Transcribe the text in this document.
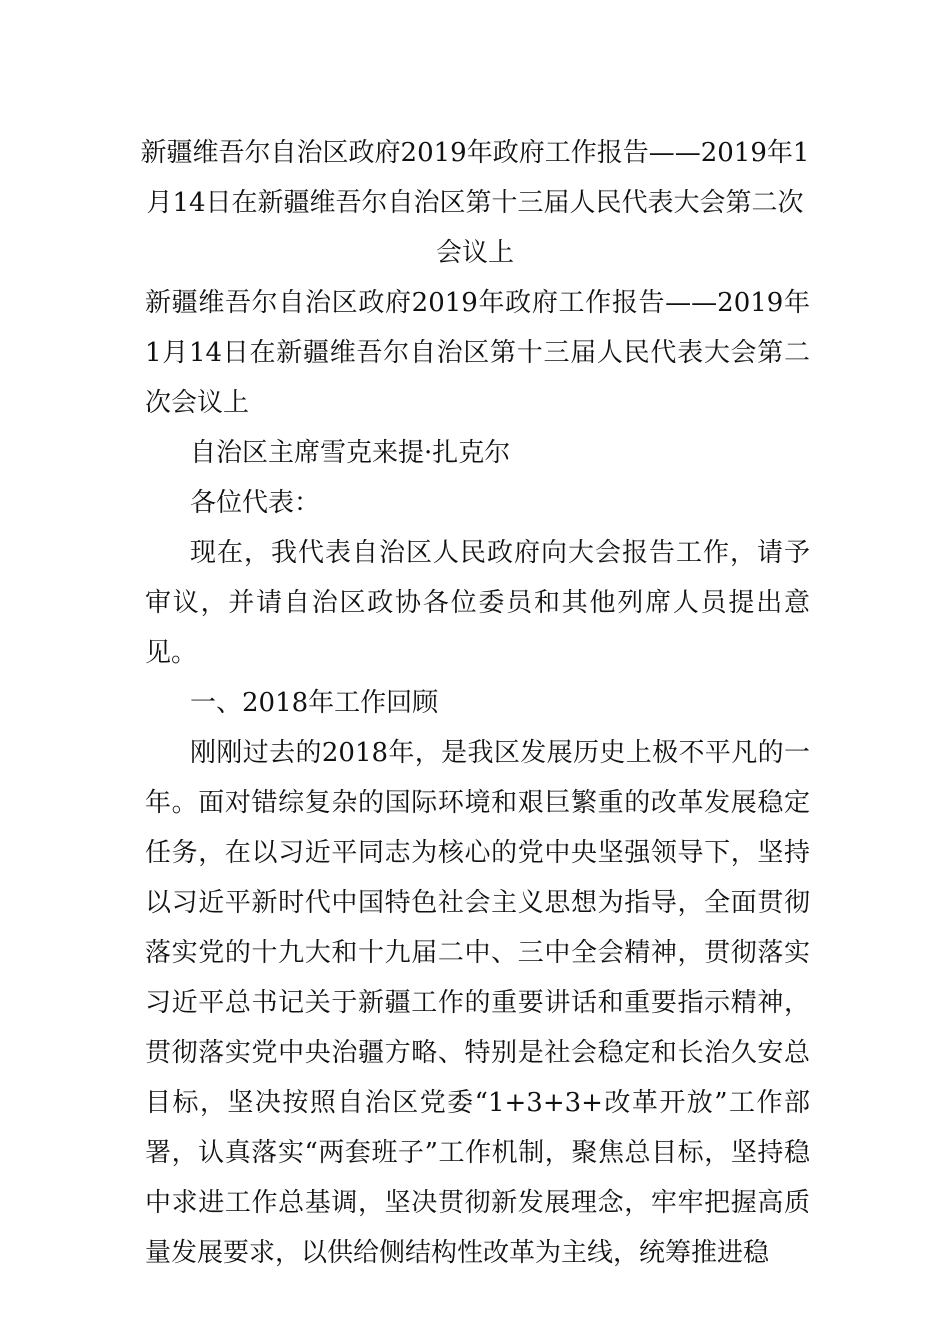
新疆维吾尔自治区政府2019年政府工作报告——2019年1月14日在新疆维吾尔自治区第十三届人民代表大会第二次会议上

新疆维吾尔自治区政府2019年政府工作报告——2019年1月14日在新疆维吾尔自治区第十三届人民代表大会第二次会议上

自治区主席雪克来提·扎克尔

各位代表：

现在，我代表自治区人民政府向大会报告工作，请予审议，并请自治区政协各位委员和其他列席人员提出意见。

一、2018年工作回顾

刚刚过去的2018年，是我区发展历史上极不平凡的一年。面对错综复杂的国际环境和艰巨繁重的改革发展稳定任务，在以习近平同志为核心的党中央坚强领导下，坚持以习近平新时代中国特色社会主义思想为指导，全面贯彻落实党的十九大和十九届二中、三中全会精神，贯彻落实习近平总书记关于新疆工作的重要讲话和重要指示精神，贯彻落实党中央治疆方略、特别是社会稳定和长治久安总目标，坚决按照自治区党委“1+3+3+改革开放”工作部署，认真落实“两套班子”工作机制，聚焦总目标，坚持稳中求进工作总基调，坚决贯彻新发展理念，牢牢把握高质量发展要求，以供给侧结构性改革为主线，统筹推进稳
